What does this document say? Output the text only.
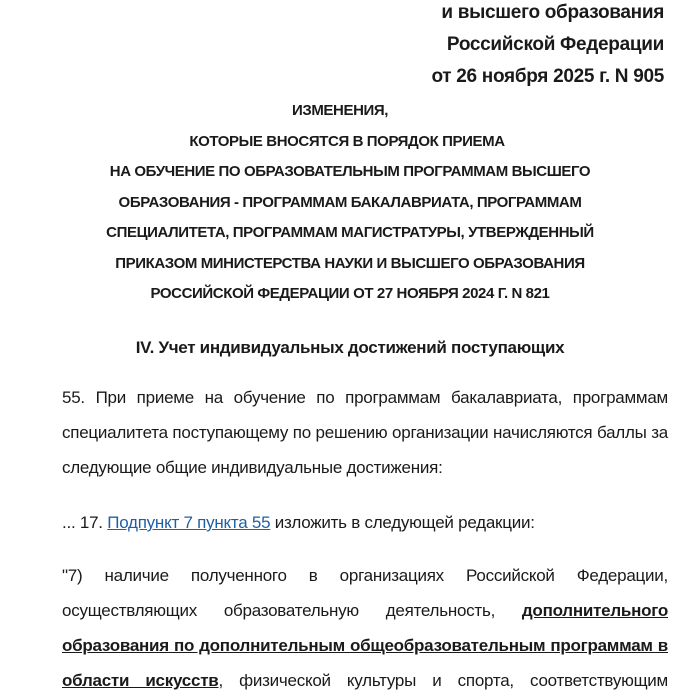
и высшего образования
Российской Федерации
от 26 ноября 2025 г. N 905
ИЗМЕНЕНИЯ,
КОТОРЫЕ ВНОСЯТСЯ В ПОРЯДОК ПРИЕМА
НА ОБУЧЕНИЕ ПО ОБРАЗОВАТЕЛЬНЫМ ПРОГРАММАМ ВЫСШЕГО
ОБРАЗОВАНИЯ - ПРОГРАММАМ БАКАЛАВРИАТА, ПРОГРАММАМ
СПЕЦИАЛИТЕТА, ПРОГРАММАМ МАГИСТРАТУРЫ, УТВЕРЖДЕННЫЙ
ПРИКАЗОМ МИНИСТЕРСТВА НАУКИ И ВЫСШЕГО ОБРАЗОВАНИЯ
РОССИЙСКОЙ ФЕДЕРАЦИИ ОТ 27 НОЯБРЯ 2024 Г. N 821
IV. Учет индивидуальных достижений поступающих
55. При приеме на обучение по программам бакалавриата, программам
специалитета поступающему по решению организации начисляются баллы за
следующие общие индивидуальные достижения:
... 17. Подпункт 7 пункта 55 изложить в следующей редакции:
"7) наличие полученного в организациях Российской Федерации,
осуществляющих образовательную деятельность, дополнительного
образования по дополнительным общеобразовательным программам в
области искусств, физической культуры и спорта, соответствующим
